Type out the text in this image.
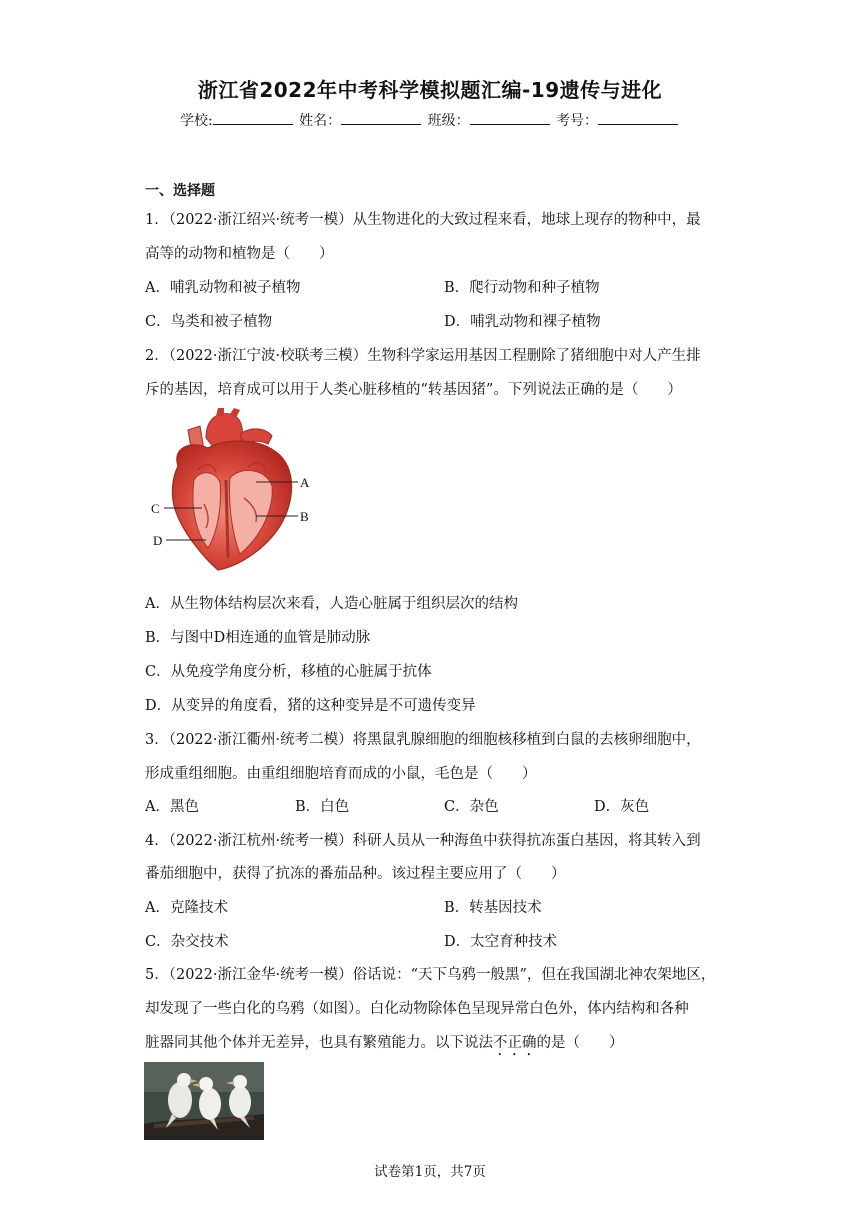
浙江省2022年中考科学模拟题汇编-19遗传与进化
学校:	姓名：	班级：	考号：
一、选择题
1．（2022·浙江绍兴·统考一模）从生物进化的大致过程来看，地球上现存的物种中，最
高等的动物和植物是（　　）
A．哺乳动物和被子植物	B．爬行动物和种子植物
C．鸟类和被子植物	D．哺乳动物和裸子植物
2．（2022·浙江宁波·校联考三模）生物科学家运用基因工程删除了猪细胞中对人产生排
斥的基因，培育成可以用于人类心脏移植的“转基因猪”。下列说法正确的是（　　）
A
B
C
D
A．从生物体结构层次来看，人造心脏属于组织层次的结构
B．与图中D相连通的血管是肺动脉
C．从免疫学角度分析，移植的心脏属于抗体
D．从变异的角度看，猪的这种变异是不可遗传变异
3．（2022·浙江衢州·统考二模）将黑鼠乳腺细胞的细胞核移植到白鼠的去核卵细胞中，
形成重组细胞。由重组细胞培育而成的小鼠，毛色是（　　）
A．黑色	B．白色	C．杂色	D．灰色
4．（2022·浙江杭州·统考一模）科研人员从一种海鱼中获得抗冻蛋白基因，将其转入到
番茄细胞中，获得了抗冻的番茄品种。该过程主要应用了（　　）
A．克隆技术	B．转基因技术
C．杂交技术	D．太空育种技术
5．（2022·浙江金华·统考一模）俗话说：“天下乌鸦一般黑”，但在我国湖北神农架地区，
却发现了一些白化的乌鸦（如图）。白化动物除体色呈现异常白色外，体内结构和各种
脏器同其他个体并无差异，也具有繁殖能力。以下说法不正确的是（　　）
试卷第1页，共7页
